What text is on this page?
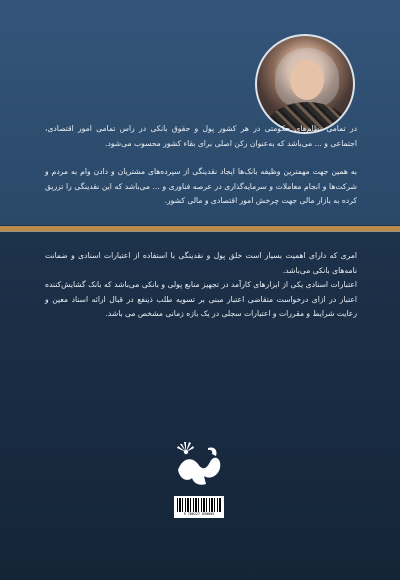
در تمامی نظام‌های حکومتی در هر کشور پول و حقوق بانکی در راس تمامی امور اقتصادی، اجتماعی و ... می‌باشد که به‌عنوان رکن اصلی برای بقاء کشور محسوب می‌شود.
به همین جهت مهمترین وظیفه بانک‌ها ایجاد نقدینگی از سپرده‌های مشتریان و دادن وام به مردم و شرکت‌ها و انجام معاملات و سرمایه‌گذاری در عرصه فناوری و ... می‌باشد که این نقدینگی را تزریق کرده به بازار مالی جهت چرخش امور اقتصادی و مالی کشور.
امری که دارای اهمیت بسیار است خلق پول و نقدینگی با استفاده از اعتبارات اسنادی و ضمانت نامه‌های بانکی می‌باشد.
اعتبارات اسنادی یکی از ابزارهای کارآمد در تجهیز منابع پولی و بانکی می‌باشد که بانک گشایش‌کننده اعتبار در ازای درخواست متقاضی اعتبار مبنی بر تسویه طلب ذینفع در قبال ارائه اسناد معین و رعایت شرایط و مقررات و اعتبارات سجلی در یک بازه زمانی مشخص می باشد.
9 786227 650005
